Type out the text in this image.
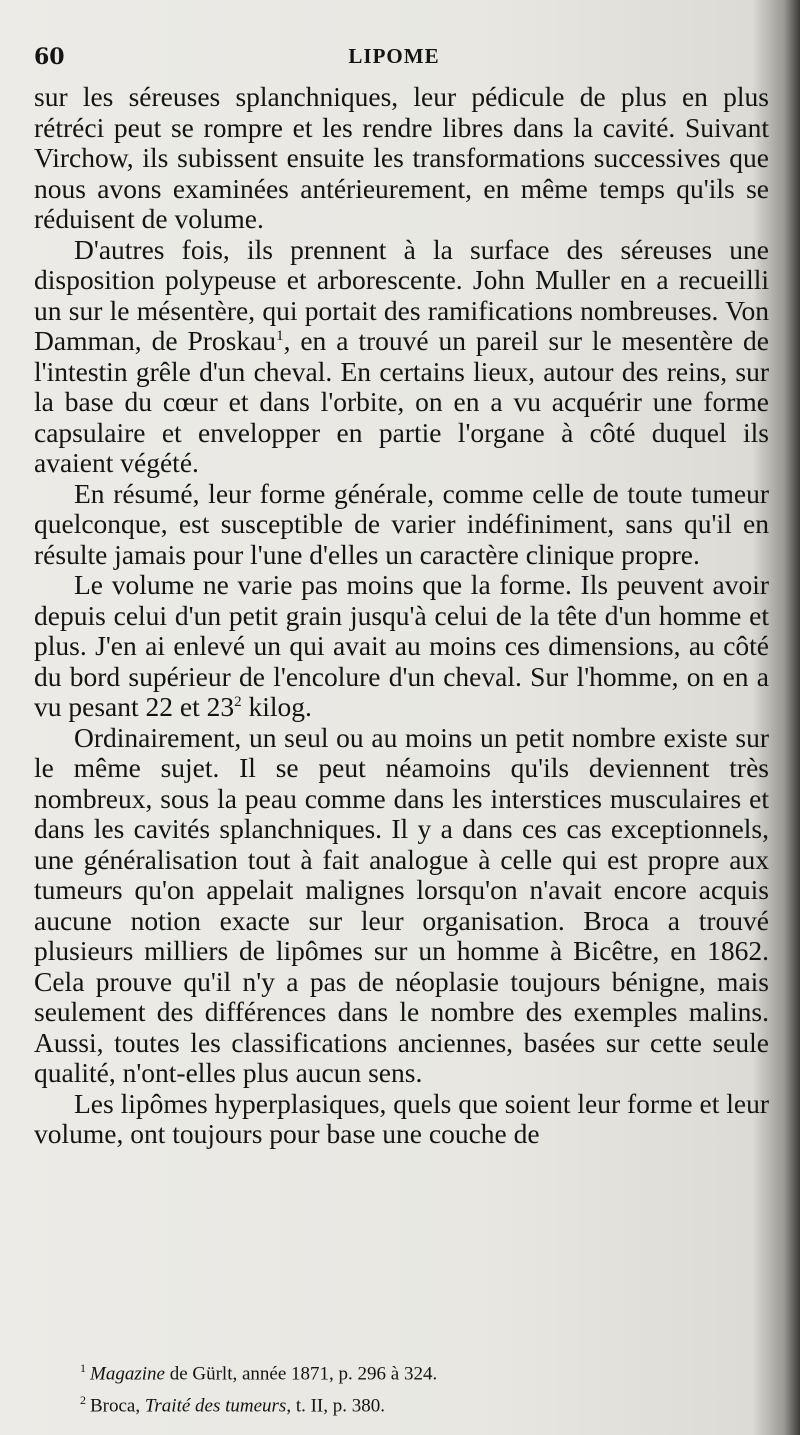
60	LIPOME

sur les séreuses splanchniques, leur pédicule de plus en plus rétréci peut se rompre et les rendre libres dans la cavité. Suivant Virchow, ils subissent ensuite les transformations successives que nous avons examinées antérieurement, en même temps qu'ils se réduisent de volume.

D'autres fois, ils prennent à la surface des séreuses une disposition polypeuse et arborescente. John Muller en a recueilli un sur le mésentère, qui portait des ramifications nombreuses. Von Damman, de Proskau$^1$, en a trouvé un pareil sur le mesentère de l'intestin grêle d'un cheval. En certains lieux, autour des reins, sur la base du cœur et dans l'orbite, on en a vu acquérir une forme capsulaire et envelopper en partie l'organe à côté duquel ils avaient végété.

En résumé, leur forme générale, comme celle de toute tumeur quelconque, est susceptible de varier indéfiniment, sans qu'il en résulte jamais pour l'une d'elles un caractère clinique propre.

Le volume ne varie pas moins que la forme. Ils peuvent avoir depuis celui d'un petit grain jusqu'à celui de la tête d'un homme et plus. J'en ai enlevé un qui avait au moins ces dimensions, au côté du bord supérieur de l'encolure d'un cheval. Sur l'homme, on en a vu pesant 22 et $23^2$ kilog.

Ordinairement, un seul ou au moins un petit nombre existe sur le même sujet. Il se peut néamoins qu'ils deviennent très nombreux, sous la peau comme dans les interstices musculaires et dans les cavités splanchniques. Il y a dans ces cas exceptionnels, une généralisation tout à fait analogue à celle qui est propre aux tumeurs qu'on appelait malignes lorsqu'on n'avait encore acquis aucune notion exacte sur leur organisation. Broca a trouvé plusieurs milliers de lipômes sur un homme à Bicêtre, en 1862. Cela prouve qu'il n'y a pas de néoplasie toujours bénigne, mais seulement des différences dans le nombre des exemples malins. Aussi, toutes les classifications anciennes, basées sur cette seule qualité, n'ont-elles plus aucun sens.

Les lipômes hyperplasiques, quels que soient leur forme et leur volume, ont toujours pour base une couche de

$^1$ Magazine de Gürlt, année 1871, p. 296 à 324.

$^2$ Broca, Traité des tumeurs, t. II, p. 380.
